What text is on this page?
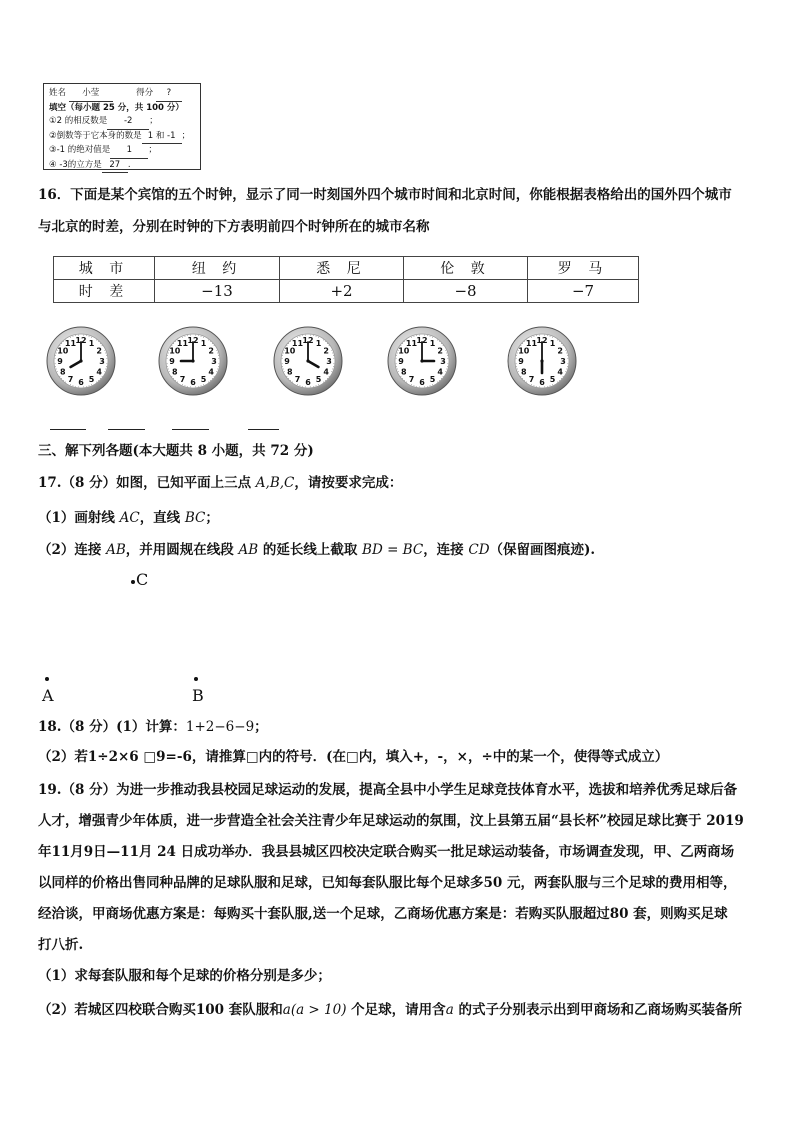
姓名 小莹	得分 ?
填空（每小题 25 分，共 100 分）
①2 的相反数是 -2 ；
②倒数等于它本身的数是 1 和 -1 ；
③-1 的绝对值是 1 ；
④ -3的立方是 27 .
16．下面是某个宾馆的五个时钟，显示了同一时刻国外四个城市时间和北京时间，你能根据表格给出的国外四个城市
与北京的时差，分别在时钟的下方表明前四个时钟所在的城市名称
城 市	纽 约	悉 尼	伦 敦	罗 马
时 差	−13	+2	−8	−7
1
2
3
4
5
6
7
8
9
10
11 12	1
2
3
4
5
6
7
8
9
10
11 12	1
2
3
4
5
6
7
8
9
10
11 12	1
2
3
4
5
6
7
8
9
10
11 12	1
2
3
4
5
6
7
8
9
10
11 12
三、解下列各题(本大题共 8 小题，共 72 分)
17.（8 分）如图，已知平面上三点 A,B,C，请按要求完成：
（1）画射线 AC，直线 BC；
（2）连接 AB，并用圆规在线段 AB 的延长线上截取 BD = BC，连接 CD（保留画图痕迹).
C
A	B
18.（8 分）(1）计算：1+2−6−9；
（2）若1÷2×6 □9=-6，请推算□内的符号．(在□内，填入+，-，×，÷中的某一个，使得等式成立）
19.（8 分）为进一步推动我县校园足球运动的发展，提高全县中小学生足球竞技体育水平，选拔和培养优秀足球后备
人才，增强青少年体质，进一步营造全社会关注青少年足球运动的氛围，汶上县第五届“县长杯”校园足球比赛于 2019
年11月9日—11月 24 日成功举办．我县县城区四校决定联合购买一批足球运动装备，市场调查发现，甲、乙两商场
以同样的价格出售同种品牌的足球队服和足球，已知每套队服比每个足球多50 元，两套队服与三个足球的费用相等，
经洽谈，甲商场优惠方案是：每购买十套队服,送一个足球，乙商场优惠方案是：若购买队服超过80 套，则购买足球
打八折.
（1）求每套队服和每个足球的价格分别是多少；
（2）若城区四校联合购买100 套队服和a(a > 10) 个足球，请用含a 的式子分别表示出到甲商场和乙商场购买装备所
